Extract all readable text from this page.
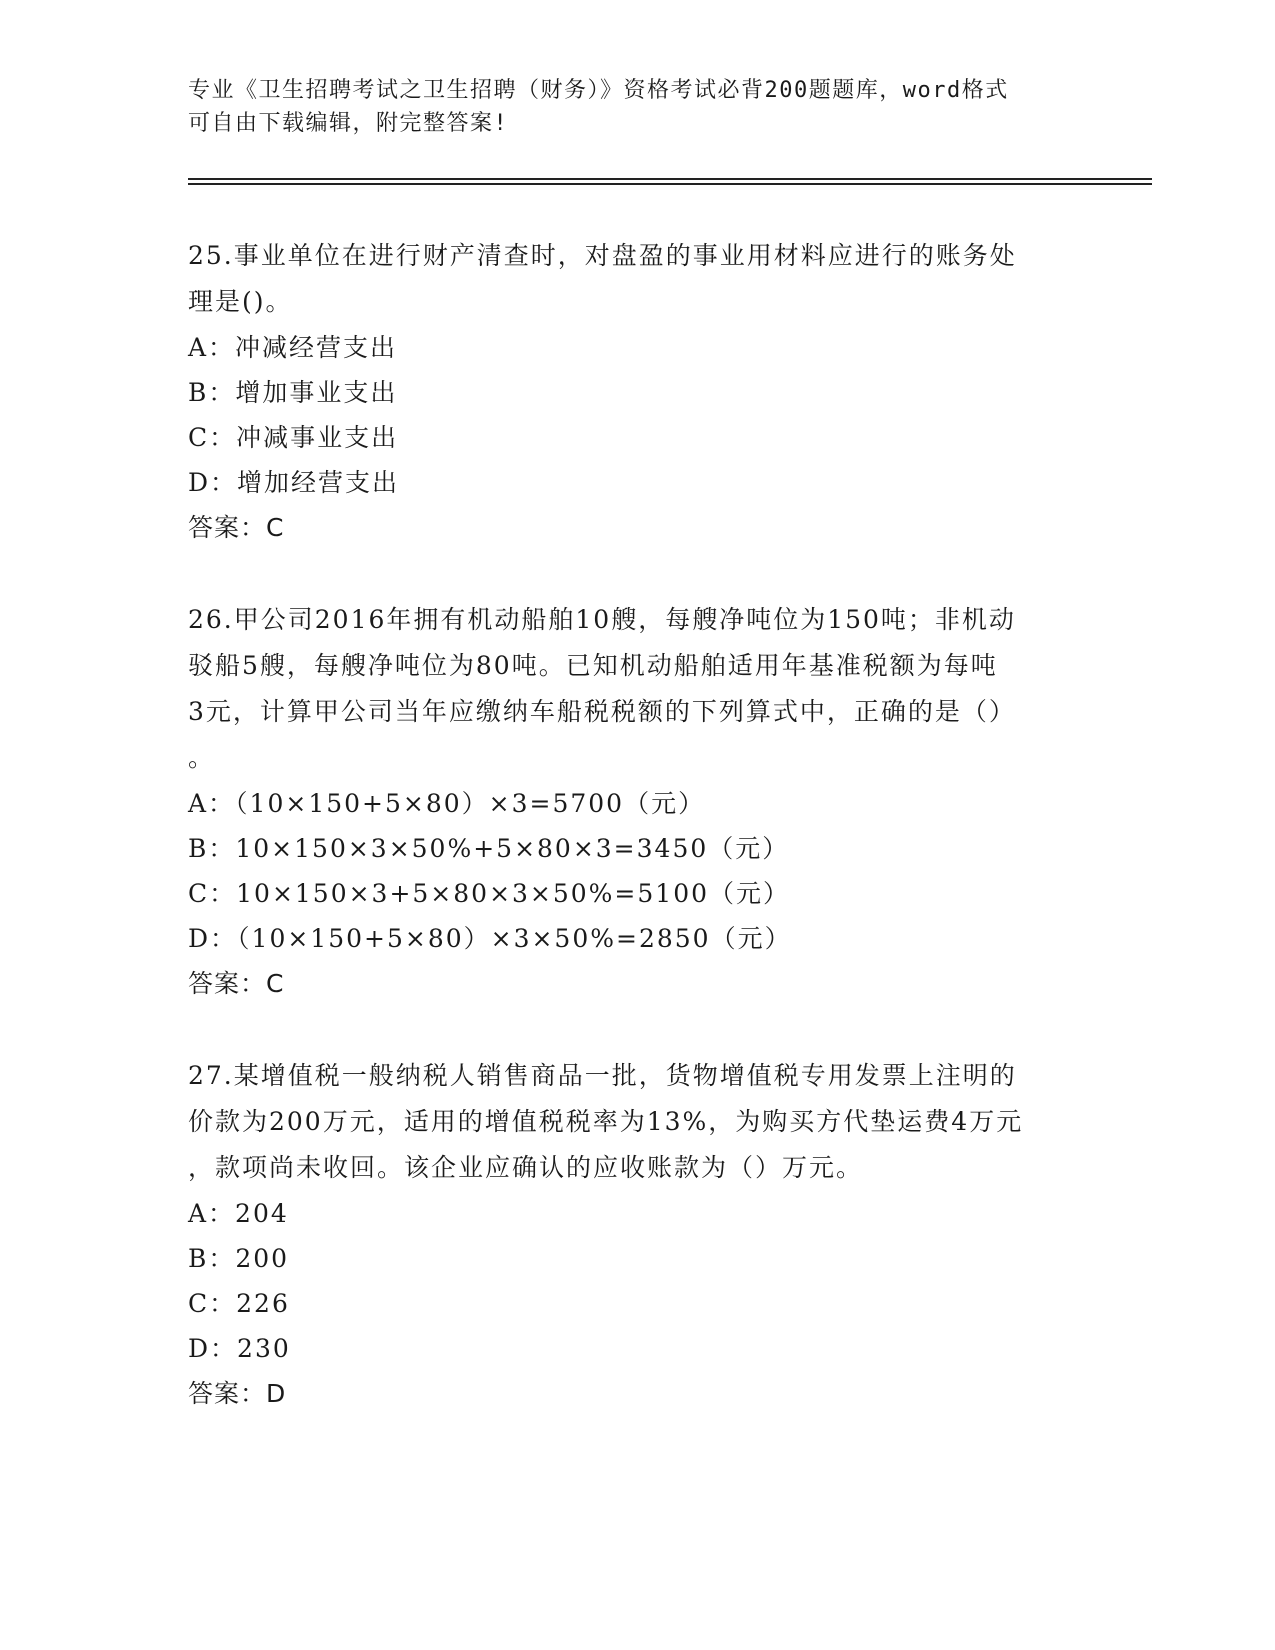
专业《卫生招聘考试之卫生招聘（财务）》资格考试必背200题题库，word格式
可自由下载编辑，附完整答案!
25.事业单位在进行财产清查时，对盘盈的事业用材料应进行的账务处
理是()。
A：冲减经营支出
B：增加事业支出
C：冲减事业支出
D：增加经营支出
答案：C
26.甲公司2016年拥有机动船舶10艘，每艘净吨位为150吨；非机动
驳船5艘，每艘净吨位为80吨。已知机动船舶适用年基准税额为每吨
3元，计算甲公司当年应缴纳车船税税额的下列算式中，正确的是（）
。
A：（10×150+5×80）×3=5700（元）
B：10×150×3×50%+5×80×3=3450（元）
C：10×150×3+5×80×3×50%=5100（元）
D：（10×150+5×80）×3×50%=2850（元）
答案：C
27.某增值税一般纳税人销售商品一批，货物增值税专用发票上注明的
价款为200万元，适用的增值税税率为13%，为购买方代垫运费4万元
，款项尚未收回。该企业应确认的应收账款为（）万元。
A：204
B：200
C：226
D：230
答案：D
